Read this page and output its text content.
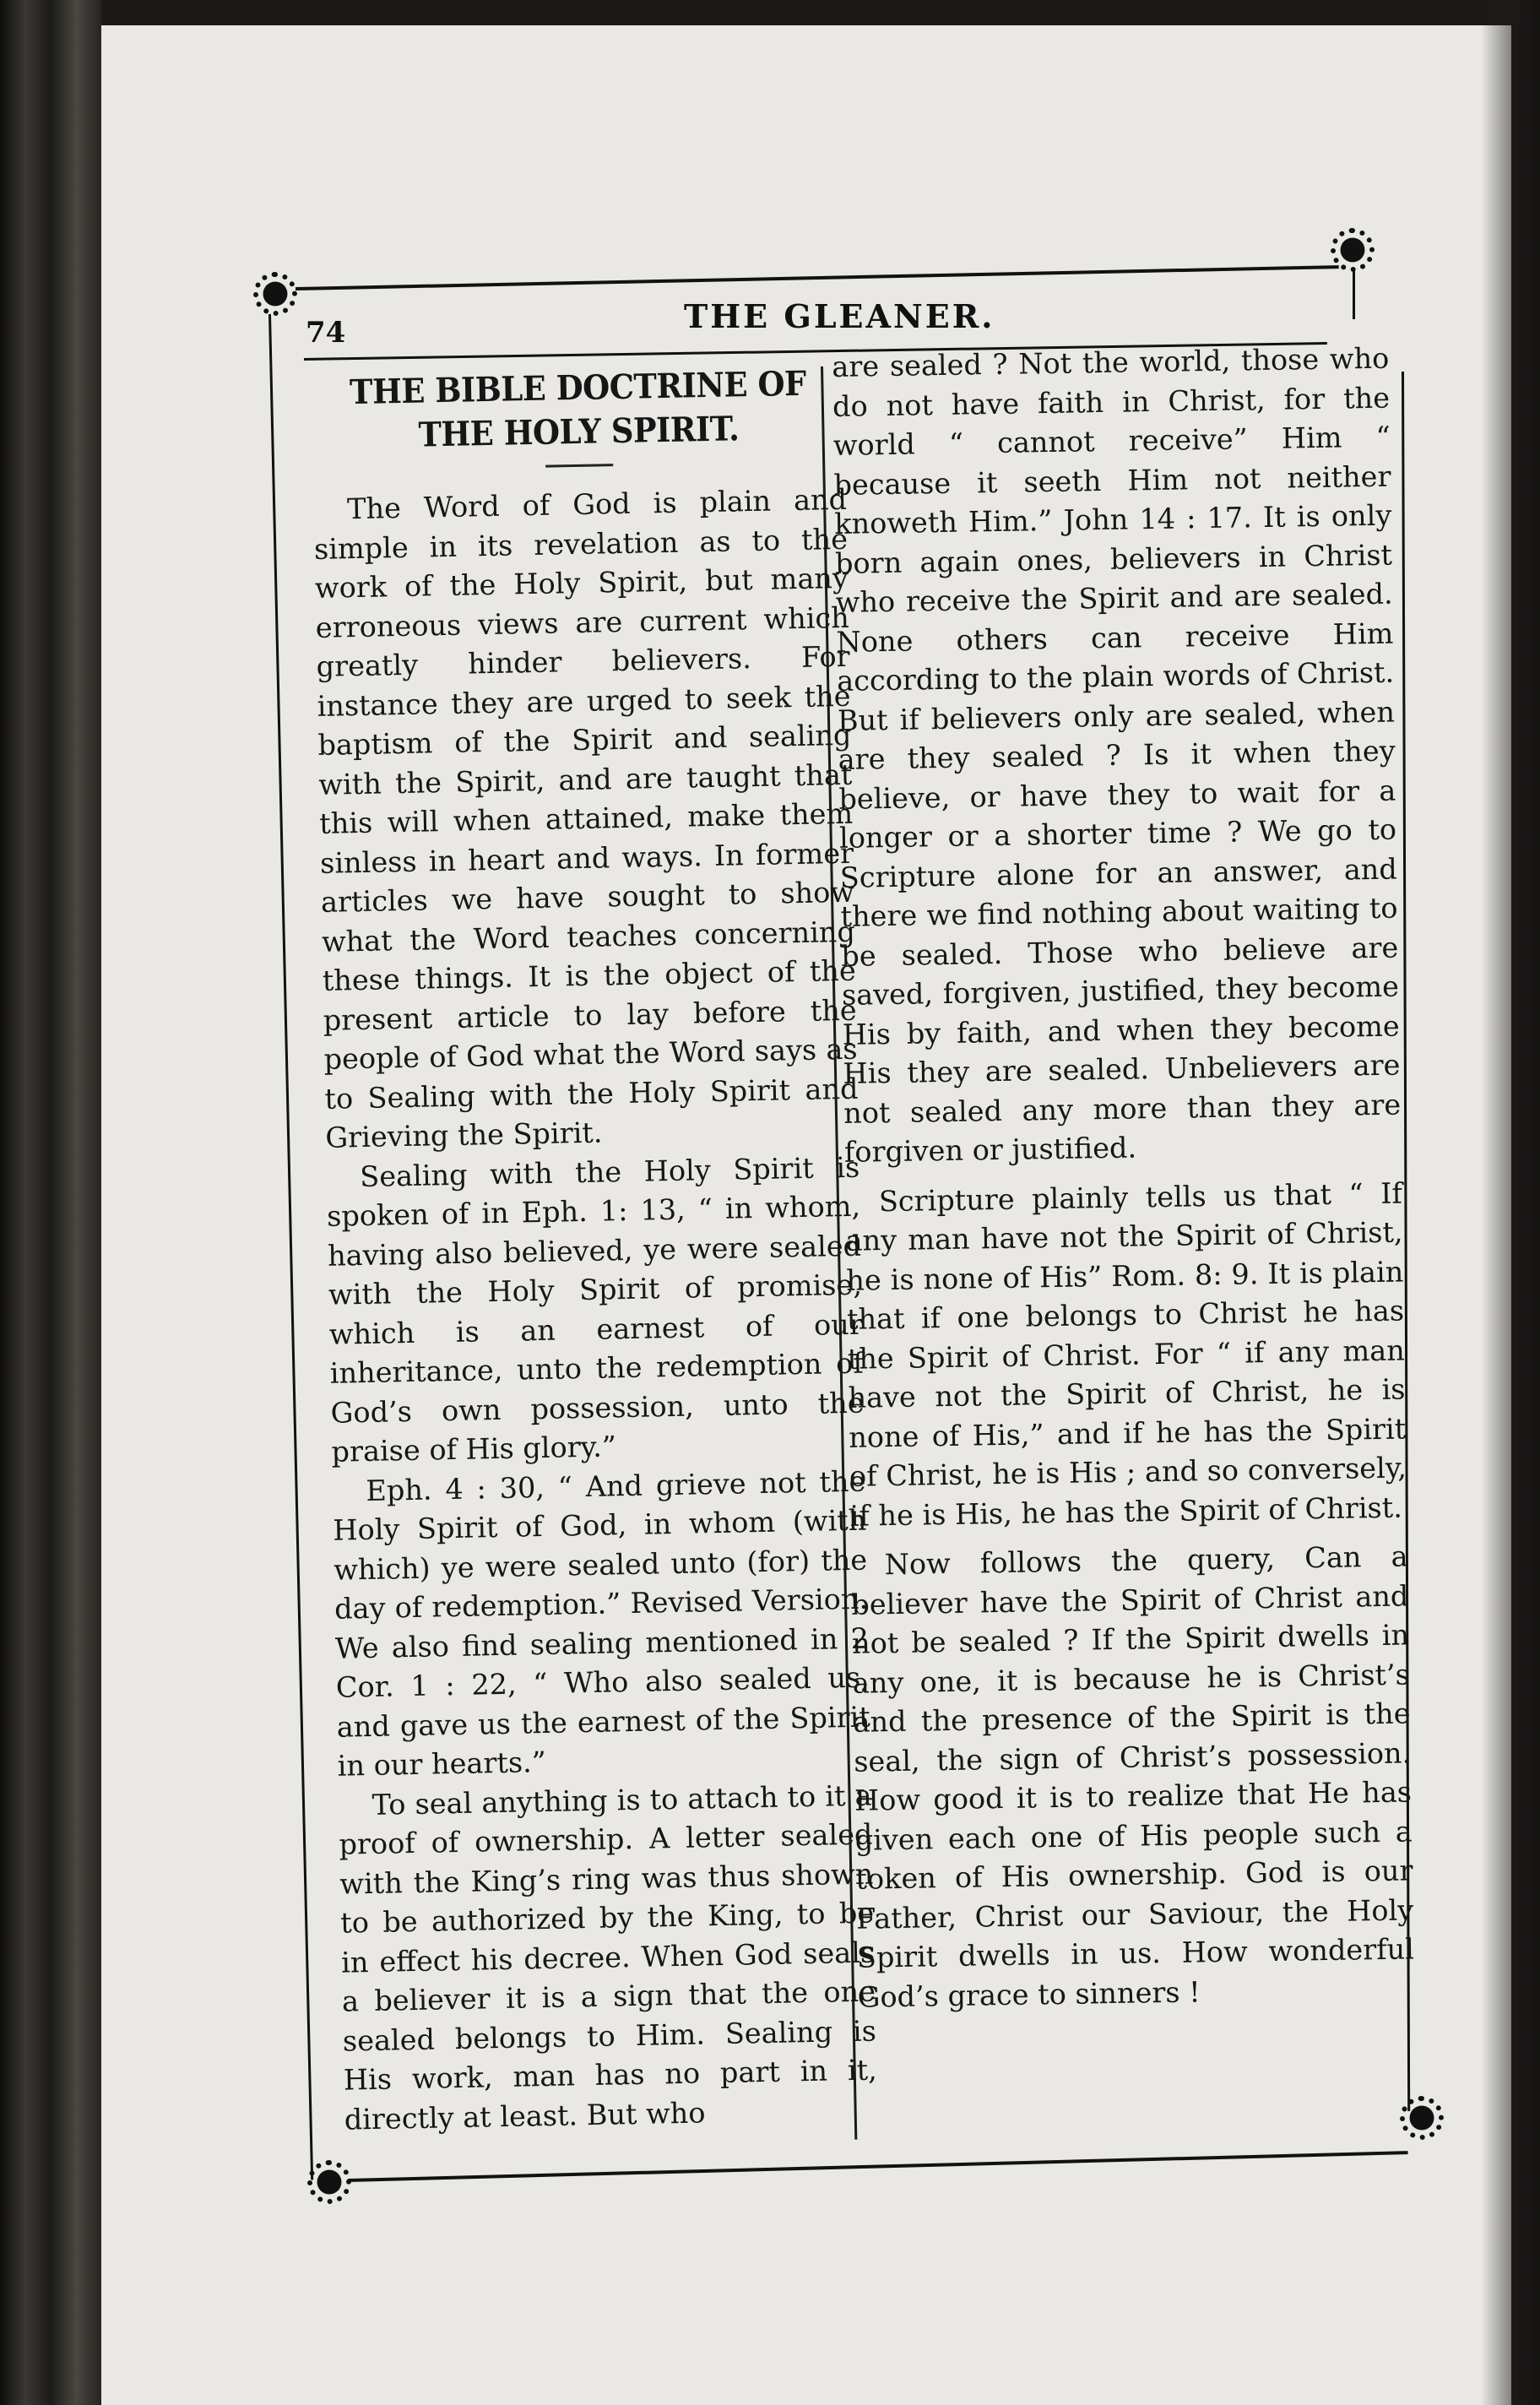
74	THE GLEANER.
THE BIBLE DOCTRINE OF THE HOLY SPIRIT.

The Word of God is plain and simple in its revelation as to the work of the Holy Spirit, but many erroneous views are current which greatly hinder believers. For instance they are urged to seek the baptism of the Spirit and sealing with the Spirit, and are taught that this will when attained, make them sinless in heart and ways. In former articles we have sought to show what the Word teaches concerning these things. It is the object of the present article to lay before the people of God what the Word says as to Sealing with the Holy Spirit and Grieving the Spirit.

Sealing with the Holy Spirit is spoken of in Eph. 1: 13, “ in whom, having also believed, ye were sealed with the Holy Spirit of promise, which is an earnest of our inheritance, unto the redemption of God’s own possession, unto the praise of His glory.”

Eph. 4 : 30, “ And grieve not the Holy Spirit of God, in whom (with which) ye were sealed unto (for) the day of redemption.” Revised Version. We also find sealing mentioned in 2 Cor. 1 : 22, “ Who also sealed us, and gave us the earnest of the Spirit in our hearts.”

To seal anything is to attach to it a proof of ownership. A letter sealed with the King’s ring was thus shown to be authorized by the King, to be in effect his decree. When God seals a believer it is a sign that the one sealed belongs to Him. Sealing is His work, man has no part in it, directly at least. But who

are sealed ? Not the world, those who do not have faith in Christ, for the world “ cannot receive” Him “ because it seeth Him not neither knoweth Him.” John 14 : 17. It is only born again ones, believers in Christ who receive the Spirit and are sealed. None others can receive Him according to the plain words of Christ. But if believers only are sealed, when are they sealed ? Is it when they believe, or have they to wait for a longer or a shorter time ? We go to Scripture alone for an answer, and there we find nothing about waiting to be sealed. Those who believe are saved, forgiven, justified, they become His by faith, and when they become His they are sealed. Unbelievers are not sealed any more than they are forgiven or justified.

Scripture plainly tells us that “ If any man have not the Spirit of Christ, he is none of His” Rom. 8: 9. It is plain that if one belongs to Christ he has the Spirit of Christ. For “ if any man have not the Spirit of Christ, he is none of His,” and if he has the Spirit of Christ, he is His ; and so conversely, if he is His, he has the Spirit of Christ.

Now follows the query, Can a believer have the Spirit of Christ and not be sealed ? If the Spirit dwells in any one, it is because he is Christ’s and the presence of the Spirit is the seal, the sign of Christ’s possession. How good it is to realize that He has given each one of His people such a token of His ownership. God is our Father, Christ our Saviour, the Holy Spirit dwells in us. How wonderful God’s grace to sinners !
